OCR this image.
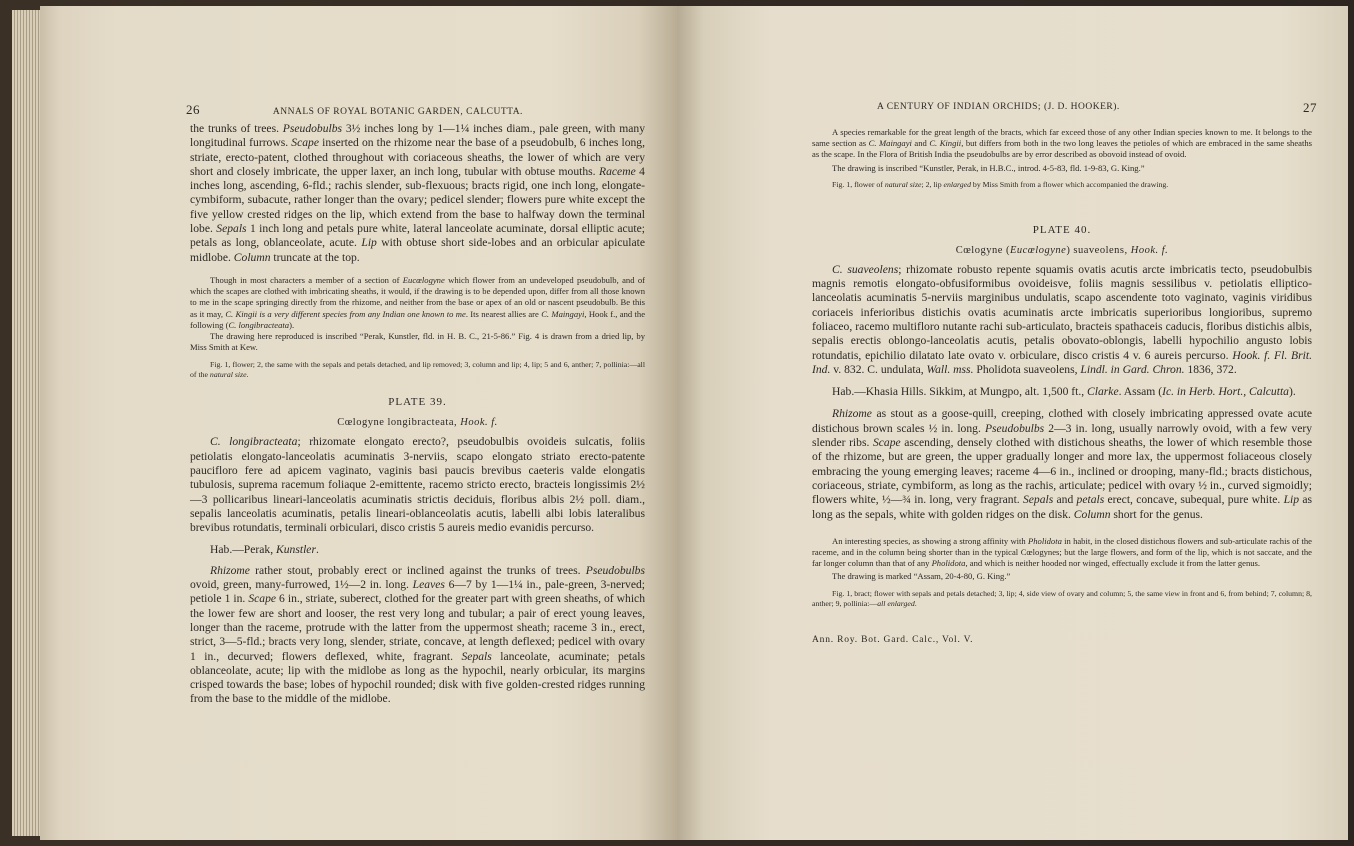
26	ANNALS OF ROYAL BOTANIC GARDEN, CALCUTTA.

the trunks of trees. Pseudobulbs 3½ inches long by 1—1¼ inches diam., pale green, with many longitudinal furrows. Scape inserted on the rhizome near the base of a pseudobulb, 6 inches long, striate, erecto-patent, clothed throughout with coriaceous sheaths, the lower of which are very short and closely imbricate, the upper laxer, an inch long, tubular with obtuse mouths. Raceme 4 inches long, ascending, 6-fld.; rachis slender, sub-flexuous; bracts rigid, one inch long, elongate-cymbiform, subacute, rather longer than the ovary; pedicel slender; flowers pure white except the five yellow crested ridges on the lip, which extend from the base to halfway down the terminal lobe. Sepals 1 inch long and petals pure white, lateral lanceolate acuminate, dorsal elliptic acute; petals as long, oblanceolate, acute. Lip with obtuse short side-lobes and an orbicular apiculate midlobe. Column truncate at the top.

Though in most characters a member of a section of Eucœlogyne which flower from an undeveloped pseudobulb, and of which the scapes are clothed with imbricating sheaths, it would, if the drawing is to be depended upon, differ from all those known to me in the scape springing directly from the rhizome, and neither from the base or apex of an old or nascent pseudobulb. Be this as it may, C. Kingii is a very different species from any Indian one known to me. Its nearest allies are C. Maingayi, Hook f., and the following (C. longibracteata).

The drawing here reproduced is inscribed “Perak, Kunstler, fld. in H. B. C., 21-5-86.” Fig. 4 is drawn from a dried lip, by Miss Smith at Kew.

Fig. 1, flower; 2, the same with the sepals and petals detached, and lip removed; 3, column and lip; 4, lip; 5 and 6, anther; 7, pollinia:—all of the natural size.

PLATE 39.

Cœlogyne longibracteata, Hook. f.

C. longibracteata; rhizomate elongato erecto?, pseudobulbis ovoideis sulcatis, foliis petiolatis elongato-lanceolatis acuminatis 3-nerviis, scapo elongato striato erecto-patente paucifloro fere ad apicem vaginato, vaginis basi paucis brevibus caeteris valde elongatis tubulosis, suprema racemum foliaque 2-emittente, racemo stricto erecto, bracteis longissimis 2½—3 pollicaribus lineari-lanceolatis acuminatis strictis deciduis, floribus albis 2½ poll. diam., sepalis lanceolatis acuminatis, petalis lineari-oblanceolatis acutis, labelli albi lobis lateralibus brevibus rotundatis, terminali orbiculari, disco cristis 5 aureis medio evanidis percurso.

Hab.—Perak, Kunstler.

Rhizome rather stout, probably erect or inclined against the trunks of trees. Pseudobulbs ovoid, green, many-furrowed, 1½—2 in. long. Leaves 6—7 by 1—1¼ in., pale-green, 3-nerved; petiole 1 in. Scape 6 in., striate, suberect, clothed for the greater part with green sheaths, of which the lower few are short and looser, the rest very long and tubular; a pair of erect young leaves, longer than the raceme, protrude with the latter from the uppermost sheath; raceme 3 in., erect, strict, 3—5-fld.; bracts very long, slender, striate, concave, at length deflexed; pedicel with ovary 1 in., decurved; flowers deflexed, white, fragrant. Sepals lanceolate, acuminate; petals oblanceolate, acute; lip with the midlobe as long as the hypochil, nearly orbicular, its margins crisped towards the base; lobes of hypochil rounded; disk with five golden-crested ridges running from the base to the middle of the midlobe.

A CENTURY OF INDIAN ORCHIDS; (J. D. HOOKER).	27

A species remarkable for the great length of the bracts, which far exceed those of any other Indian species known to me. It belongs to the same section as C. Maingayi and C. Kingii, but differs from both in the two long leaves the petioles of which are embraced in the same sheaths as the scape. In the Flora of British India the pseudobulbs are by error described as obovoid instead of ovoid.

The drawing is inscribed “Kunstler, Perak, in H.B.C., introd. 4-5-83, fld. 1-9-83, G. King.”

Fig. 1, flower of natural size; 2, lip enlarged by Miss Smith from a flower which accompanied the drawing.

PLATE 40.

Cœlogyne (Eucœlogyne) suaveolens, Hook. f.

C. suaveolens; rhizomate robusto repente squamis ovatis acutis arcte imbricatis tecto, pseudobulbis magnis remotis elongato-obfusiformibus ovoideisve, foliis magnis sessilibus v. petiolatis elliptico-lanceolatis acuminatis 5-nerviis marginibus undulatis, scapo ascendente toto vaginato, vaginis viridibus coriaceis inferioribus distichis ovatis acuminatis arcte imbricatis superioribus longioribus, supremo foliaceo, racemo multifloro nutante rachi sub-articulato, bracteis spathaceis caducis, floribus distichis albis, sepalis erectis oblongo-lanceolatis acutis, petalis obovato-oblongis, labelli hypochilio angusto lobis rotundatis, epichilio dilatato late ovato v. orbiculare, disco cristis 4 v. 6 aureis percurso. Hook. f. Fl. Brit. Ind. v. 832. C. undulata, Wall. mss. Pholidota suaveolens, Lindl. in Gard. Chron. 1836, 372.

Hab.—Khasia Hills. Sikkim, at Mungpo, alt. 1,500 ft., Clarke. Assam (Ic. in Herb. Hort., Calcutta).

Rhizome as stout as a goose-quill, creeping, clothed with closely imbricating appressed ovate acute distichous brown scales ½ in. long. Pseudobulbs 2—3 in. long, usually narrowly ovoid, with a few very slender ribs. Scape ascending, densely clothed with distichous sheaths, the lower of which resemble those of the rhizome, but are green, the upper gradually longer and more lax, the uppermost foliaceous closely embracing the young emerging leaves; raceme 4—6 in., inclined or drooping, many-fld.; bracts distichous, coriaceous, striate, cymbiform, as long as the rachis, articulate; pedicel with ovary ½ in., curved sigmoidly; flowers white, ½—¾ in. long, very fragrant. Sepals and petals erect, concave, subequal, pure white. Lip as long as the sepals, white with golden ridges on the disk. Column short for the genus.

An interesting species, as showing a strong affinity with Pholidota in habit, in the closed distichous flowers and sub-articulate rachis of the raceme, and in the column being shorter than in the typical Cœlogynes; but the large flowers, and form of the lip, which is not saccate, and the far longer column than that of any Pholidota, and which is neither hooded nor winged, effectually exclude it from the latter genus.

The drawing is marked “Assam, 20-4-80, G. King.”

Fig. 1, bract; flower with sepals and petals detached; 3, lip; 4, side view of ovary and column; 5, the same view in front and 6, from behind; 7, column; 8, anther; 9, pollinia:—all enlarged.

Ann. Roy. Bot. Gard. Calc., Vol. V.
